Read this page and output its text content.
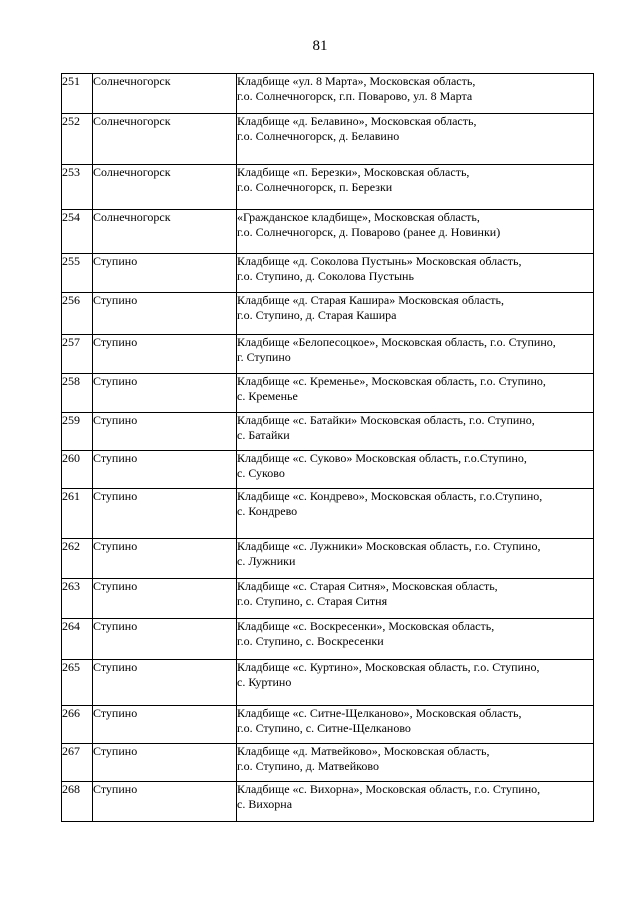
81
251	Солнечногорск	Кладбище «ул. 8 Марта», Московская область,
г.о. Солнечногорск, г.п. Поварово, ул. 8 Марта

252	Солнечногорск	Кладбище «д. Белавино», Московская область,
г.о. Солнечногорск, д. Белавино

253	Солнечногорск	Кладбище «п. Березки», Московская область,
г.о. Солнечногорск, п. Березки

254	Солнечногорск	«Гражданское кладбище», Московская область,
г.о. Солнечногорск, д. Поварово (ранее д. Новинки)

255	Ступино	Кладбище «д. Соколова Пустынь» Московская область,
г.о. Ступино, д. Соколова Пустынь

256	Ступино	Кладбище «д. Старая Кашира» Московская область,
г.о. Ступино, д. Старая Кашира

257	Ступино	Кладбище «Белопесоцкое», Московская область, г.о. Ступино,
г. Ступино

258	Ступино	Кладбище «с. Кременье», Московская область, г.о. Ступино,
с. Кременье

259	Ступино	Кладбище «с. Батайки» Московская область, г.о. Ступино,
с. Батайки

260	Ступино	Кладбище «с. Суково» Московская область, г.о.Ступино,
с. Суково

261	Ступино	Кладбище «с. Кондрево», Московская область, г.о.Ступино,
с. Кондрево

262	Ступино	Кладбище «с. Лужники» Московская область, г.о. Ступино,
с. Лужники

263	Ступино	Кладбище «с. Старая Ситня», Московская область,
г.о. Ступино, с. Старая Ситня

264	Ступино	Кладбище «с. Воскресенки», Московская область,
г.о. Ступино, с. Воскресенки

265	Ступино	Кладбище «с. Куртино», Московская область, г.о. Ступино,
с. Куртино

266	Ступино	Кладбище «с. Ситне-Щелканово», Московская область,
г.о. Ступино, с. Ситне-Щелканово

267	Ступино	Кладбище «д. Матвейково», Московская область,
г.о. Ступино, д. Матвейково

268	Ступино	Кладбище «с. Вихорна», Московская область, г.о. Ступино,
с. Вихорна
